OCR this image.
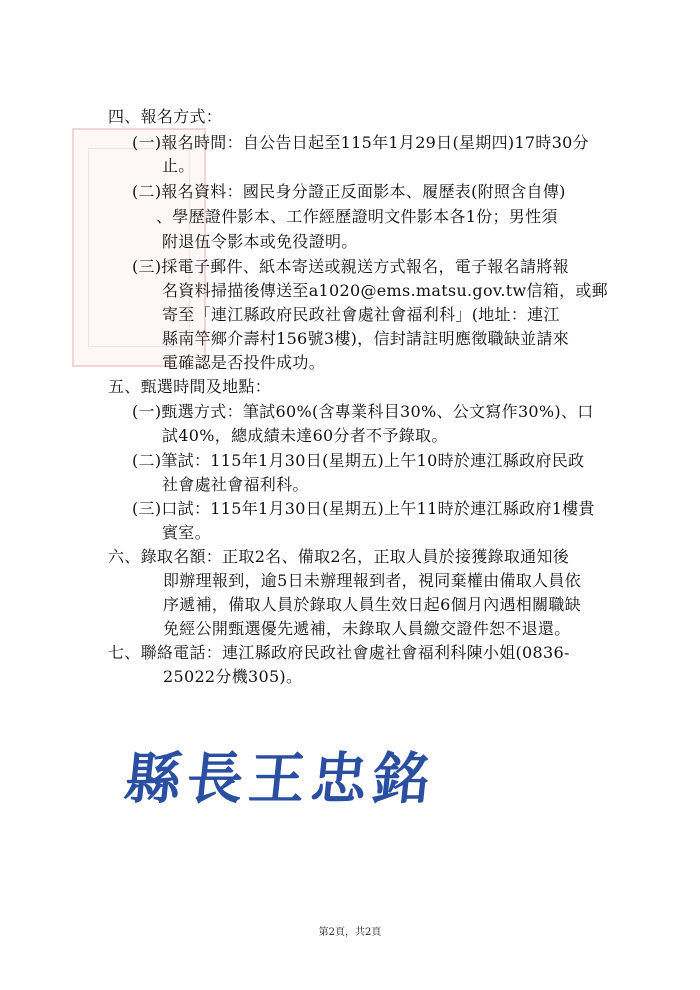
四、報名方式：
(一)報名時間：自公告日起至115年1月29日(星期四)17時30分
止。
(二)報名資料：國民身分證正反面影本、履歷表(附照含自傳)
、學歷證件影本、工作經歷證明文件影本各1份；男性須
附退伍令影本或免役證明。
(三)採電子郵件、紙本寄送或親送方式報名，電子報名請將報
名資料掃描後傳送至a1020@ems.matsu.gov.tw信箱，或郵
寄至「連江縣政府民政社會處社會福利科」(地址：連江
縣南竿鄉介壽村156號3樓)，信封請註明應徵職缺並請來
電確認是否投件成功。
五、甄選時間及地點：
(一)甄選方式：筆試60%(含專業科目30%、公文寫作30%)、口
試40%，總成績未達60分者不予錄取。
(二)筆試：115年1月30日(星期五)上午10時於連江縣政府民政
社會處社會福利科。
(三)口試：115年1月30日(星期五)上午11時於連江縣政府1樓貴
賓室。
六、錄取名額：正取2名、備取2名，正取人員於接獲錄取通知後
即辦理報到，逾5日未辦理報到者，視同棄權由備取人員依
序遞補，備取人員於錄取人員生效日起6個月內遇相關職缺
免經公開甄選優先遞補，未錄取人員繳交證件恕不退還。
七、聯絡電話：連江縣政府民政社會處社會福利科陳小姐(0836-
25022分機305)。
縣長王忠銘
第2頁，共2頁
